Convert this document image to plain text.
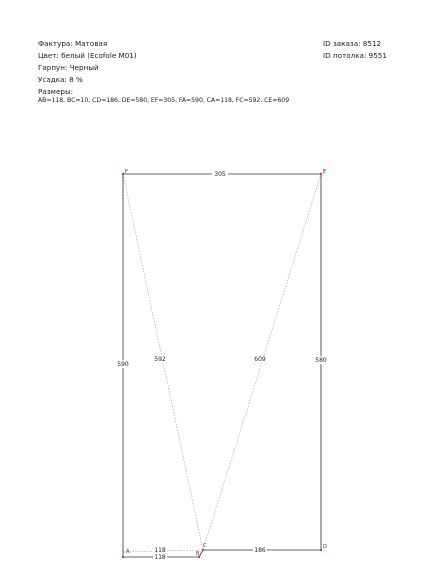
Фактура: Матовая
Цвет: белый (Ecofole M01)
Гарпун: Черный
Усадка: 8 %
Размеры:
AB=118, BC=10, CD=186, DE=580, EF=305, FA=590, CA=118, FC=592, CE=609
ID заказа: 8512
ID потолка: 9551
118
186
580
305
590
118
592	609
A	B
C	D
E
F
